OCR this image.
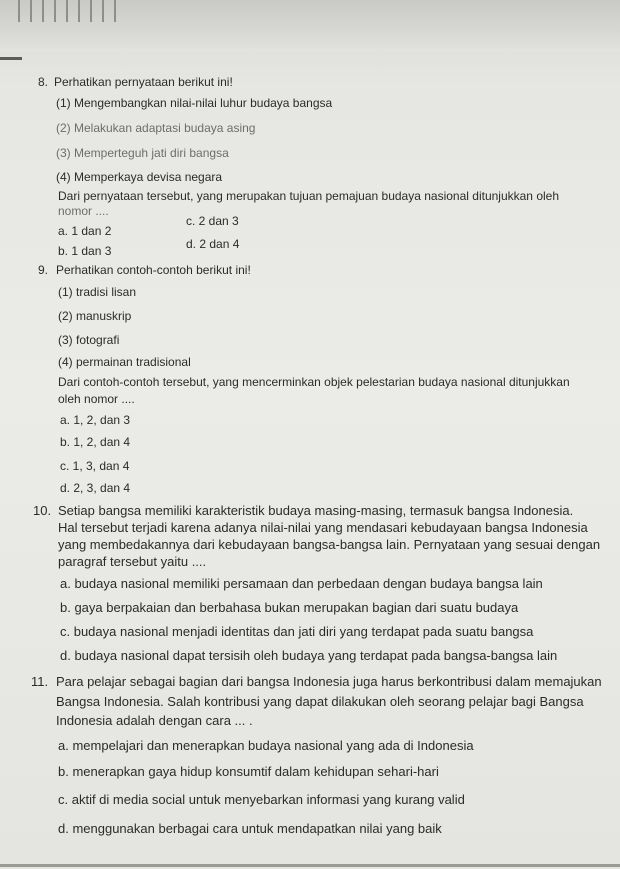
8. Perhatikan pernyataan berikut ini!
(1) Mengembangkan nilai-nilai luhur budaya bangsa
(2) Melakukan adaptasi budaya asing
(3) Memperteguh jati diri bangsa
(4) Memperkaya devisa negara
Dari pernyataan tersebut, yang merupakan tujuan pemajuan budaya nasional ditunjukkan oleh
nomor ....
a. 1 dan 2
b. 1 dan 3
c. 2 dan 3
d. 2 dan 4
9. Perhatikan contoh-contoh berikut ini!
(1) tradisi lisan
(2) manuskrip
(3) fotografi
(4) permainan tradisional
Dari contoh-contoh tersebut, yang mencerminkan objek pelestarian budaya nasional ditunjukkan
oleh nomor ....
a. 1, 2, dan 3
b. 1, 2, dan 4
c. 1, 3, dan 4
d. 2, 3, dan 4
10. Setiap bangsa memiliki karakteristik budaya masing-masing, termasuk bangsa Indonesia.
Hal tersebut terjadi karena adanya nilai-nilai yang mendasari kebudayaan bangsa Indonesia
yang membedakannya dari kebudayaan bangsa-bangsa lain. Pernyataan yang sesuai dengan
paragraf tersebut yaitu ....
a. budaya nasional memiliki persamaan dan perbedaan dengan budaya bangsa lain
b. gaya berpakaian dan berbahasa bukan merupakan bagian dari suatu budaya
c. budaya nasional menjadi identitas dan jati diri yang terdapat pada suatu bangsa
d. budaya nasional dapat tersisih oleh budaya yang terdapat pada bangsa-bangsa lain
11. Para pelajar sebagai bagian dari bangsa Indonesia juga harus berkontribusi dalam memajukan
Bangsa Indonesia. Salah kontribusi yang dapat dilakukan oleh seorang pelajar bagi Bangsa
Indonesia adalah dengan cara ... .
a. mempelajari dan menerapkan budaya nasional yang ada di Indonesia
b. menerapkan gaya hidup konsumtif dalam kehidupan sehari-hari
c. aktif di media social untuk menyebarkan informasi yang kurang valid
d. menggunakan berbagai cara untuk mendapatkan nilai yang baik
